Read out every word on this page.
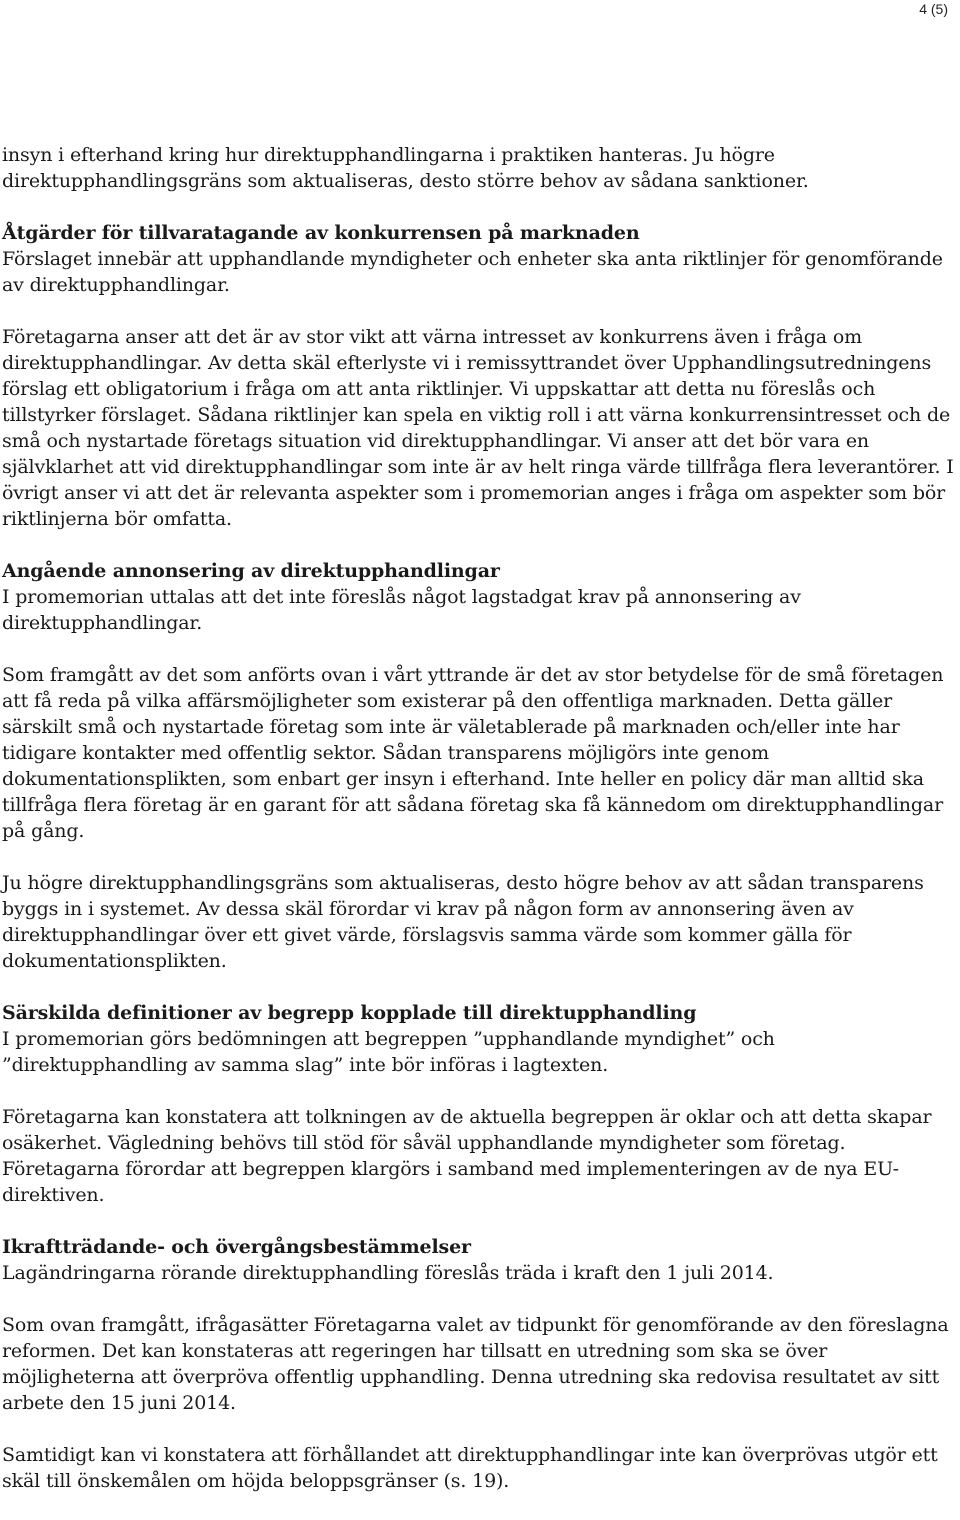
4 (5)

insyn i efterhand kring hur direktupphandlingarna i praktiken hanteras. Ju högre direktupphandlingsgräns som aktualiseras, desto större behov av sådana sanktioner.

Åtgärder för tillvaratagande av konkurrensen på marknaden

Förslaget innebär att upphandlande myndigheter och enheter ska anta riktlinjer för genomförande av direktupphandlingar.

Företagarna anser att det är av stor vikt att värna intresset av konkurrens även i fråga om direktupphandlingar. Av detta skäl efterlyste vi i remissyttrandet över Upphandlingsutredningens förslag ett obligatorium i fråga om att anta riktlinjer. Vi uppskattar att detta nu föreslås och tillstyrker förslaget. Sådana riktlinjer kan spela en viktig roll i att värna konkurrensintresset och de små och nystartade företags situation vid direktupphandlingar. Vi anser att det bör vara en självklarhet att vid direktupphandlingar som inte är av helt ringa värde tillfråga flera leverantörer. I övrigt anser vi att det är relevanta aspekter som i promemorian anges i fråga om aspekter som bör riktlinjerna bör omfatta.

Angående annonsering av direktupphandlingar

I promemorian uttalas att det inte föreslås något lagstadgat krav på annonsering av direktupphandlingar.

Som framgått av det som anförts ovan i vårt yttrande är det av stor betydelse för de små företagen att få reda på vilka affärsmöjligheter som existerar på den offentliga marknaden. Detta gäller särskilt små och nystartade företag som inte är väletablerade på marknaden och/eller inte har tidigare kontakter med offentlig sektor. Sådan transparens möjligörs inte genom dokumentationsplikten, som enbart ger insyn i efterhand. Inte heller en policy där man alltid ska tillfråga flera företag är en garant för att sådana företag ska få kännedom om direktupphandlingar på gång.

Ju högre direktupphandlingsgräns som aktualiseras, desto högre behov av att sådan transparens byggs in i systemet. Av dessa skäl förordar vi krav på någon form av annonsering även av direktupphandlingar över ett givet värde, förslagsvis samma värde som kommer gälla för dokumentationsplikten.

Särskilda definitioner av begrepp kopplade till direktupphandling

I promemorian görs bedömningen att begreppen ”upphandlande myndighet” och ”direktupphandling av samma slag” inte bör införas i lagtexten.

Företagarna kan konstatera att tolkningen av de aktuella begreppen är oklar och att detta skapar osäkerhet. Vägledning behövs till stöd för såväl upphandlande myndigheter som företag. Företagarna förordar att begreppen klargörs i samband med implementeringen av de nya EU-direktiven.

Ikraftträdande- och övergångsbestämmelser

Lagändringarna rörande direktupphandling föreslås träda i kraft den 1 juli 2014.

Som ovan framgått, ifrågasätter Företagarna valet av tidpunkt för genomförande av den föreslagna reformen. Det kan konstateras att regeringen har tillsatt en utredning som ska se över möjligheterna att överpröva offentlig upphandling. Denna utredning ska redovisa resultatet av sitt arbete den 15 juni 2014.

Samtidigt kan vi konstatera att förhållandet att direktupphandlingar inte kan överprövas utgör ett skäl till önskemålen om höjda beloppsgränser (s. 19).
